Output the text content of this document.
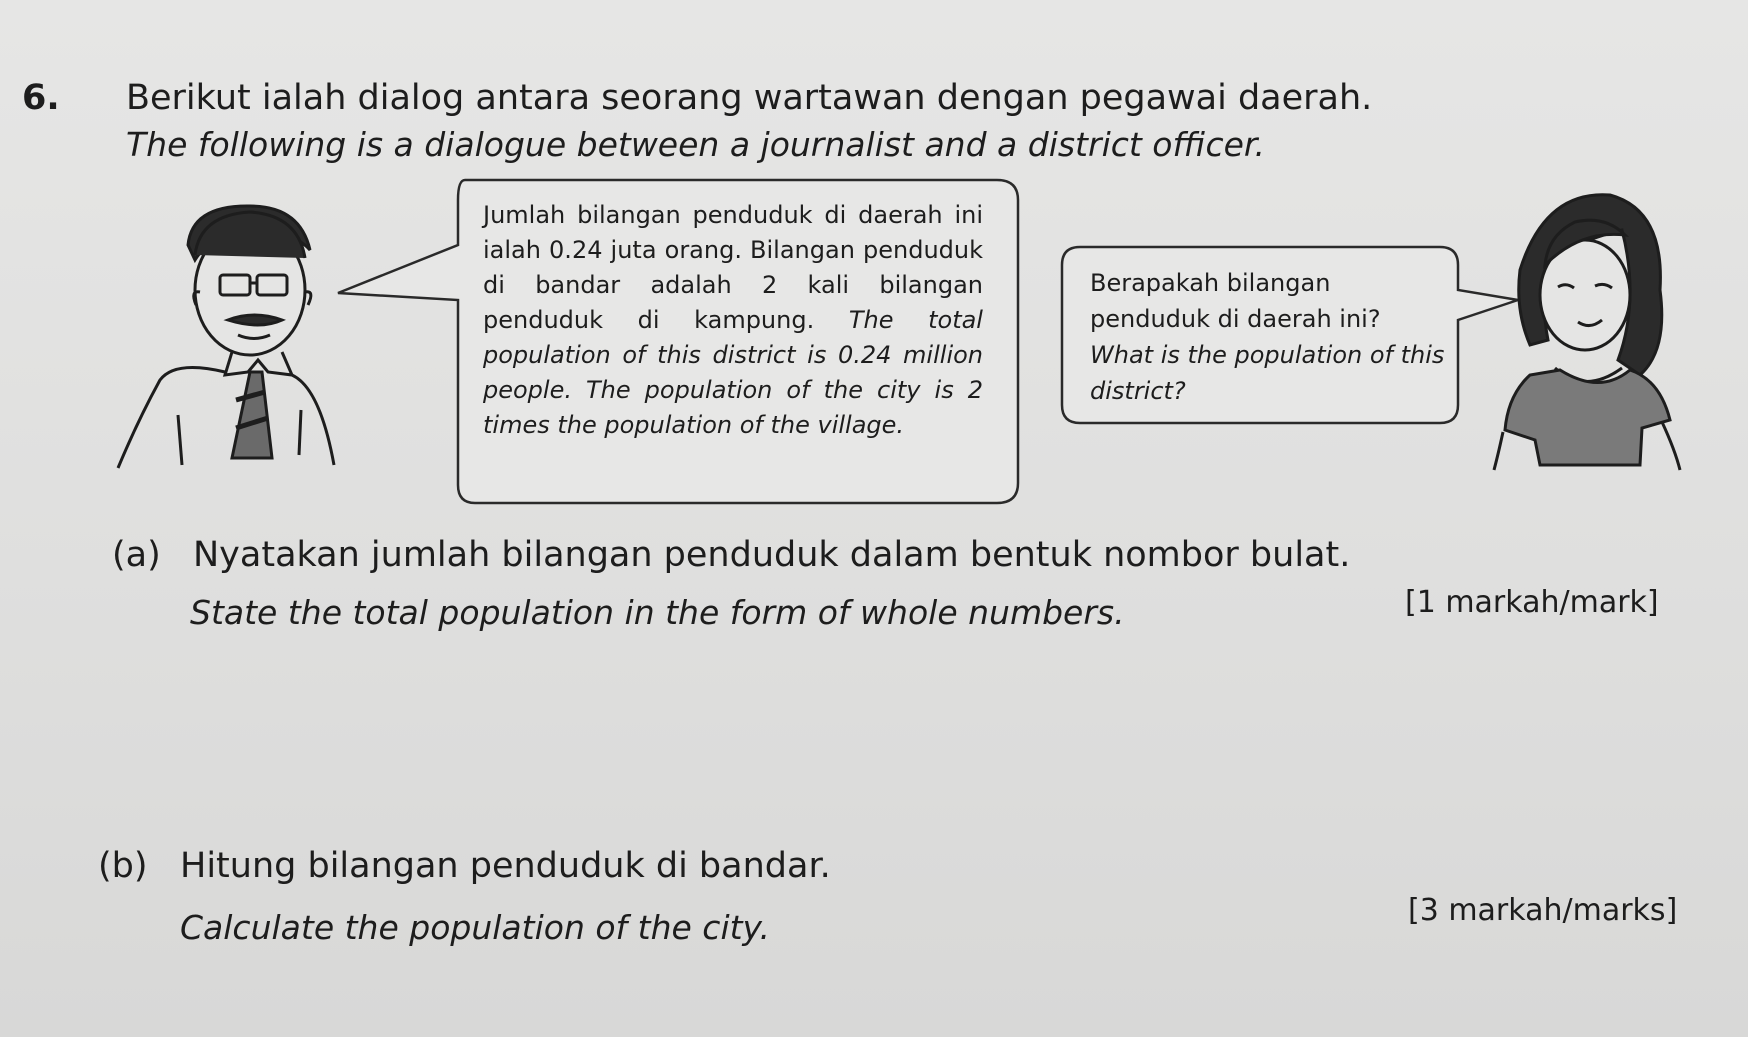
6. Berikut ialah dialog antara seorang wartawan dengan pegawai daerah.
The following is a dialogue between a journalist and a district officer.
Jumlah bilangan penduduk di daerah ini ialah 0.24 juta orang. Bilangan penduduk di bandar adalah 2 kali bilangan penduduk di kampung. The total population of this district is 0.24 million people. The population of the city is 2 times the population of the village.
Berapakah bilangan penduduk di daerah ini? What is the population of this district?
(a) Nyatakan jumlah bilangan penduduk dalam bentuk nombor bulat.
State the total population in the form of whole numbers.	[1 markah/mark]
(b) Hitung bilangan penduduk di bandar.
Calculate the population of the city.	[3 markah/marks]
